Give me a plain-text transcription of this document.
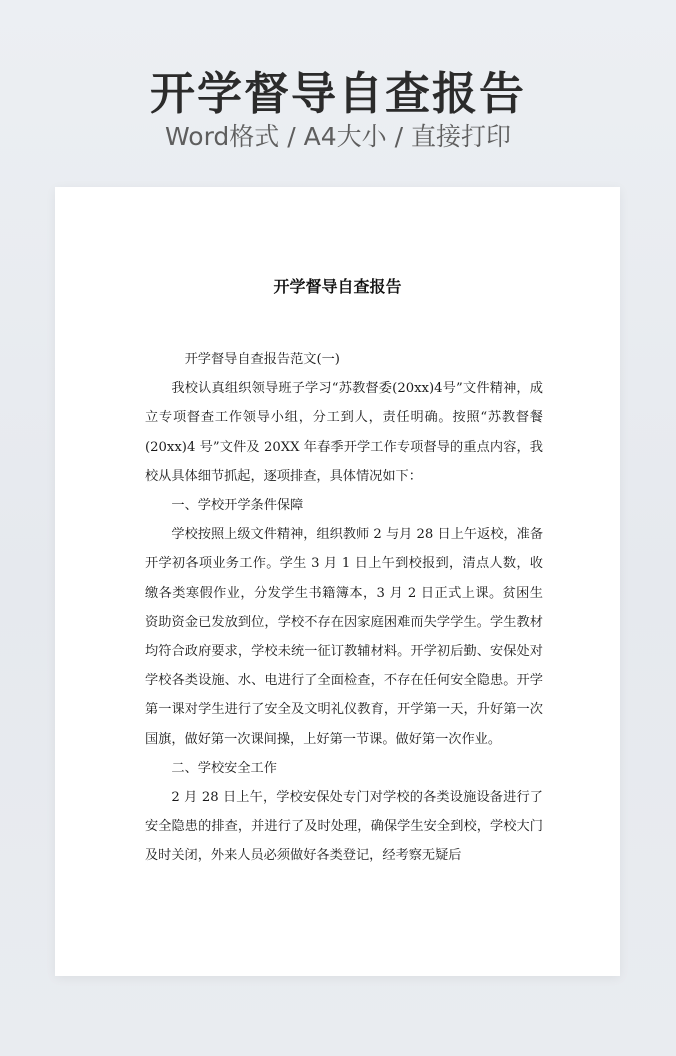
开学督导自查报告
Word格式 / A4大小 / 直接打印
开学督导自查报告

开学督导自查报告范文(一)

我校认真组织领导班子学习“苏教督委(20xx)4号”文件精神，成立专项督查工作领导小组，分工到人，责任明确。按照“苏教督餐(20xx)4 号”文件及 20XX 年春季开学工作专项督导的重点内容，我校从具体细节抓起，逐项排查，具体情况如下：

一、学校开学条件保障

学校按照上级文件精神，组织教师 2 与月 28 日上午返校，准备开学初各项业务工作。学生 3 月 1 日上午到校报到，清点人数，收缴各类寒假作业，分发学生书籍簿本，3 月 2 日正式上课。贫困生资助资金已发放到位，学校不存在因家庭困难而失学学生。学生教材均符合政府要求，学校未统一征订教辅材料。开学初后勤、安保处对学校各类设施、水、电进行了全面检查，不存在任何安全隐患。开学第一课对学生进行了安全及文明礼仪教育，开学第一天，升好第一次国旗，做好第一次课间操，上好第一节课。做好第一次作业。

二、学校安全工作

2 月 28 日上午，学校安保处专门对学校的各类设施设备进行了安全隐患的排查，并进行了及时处理，确保学生安全到校，学校大门及时关闭，外来人员必须做好各类登记，经考察无疑后
